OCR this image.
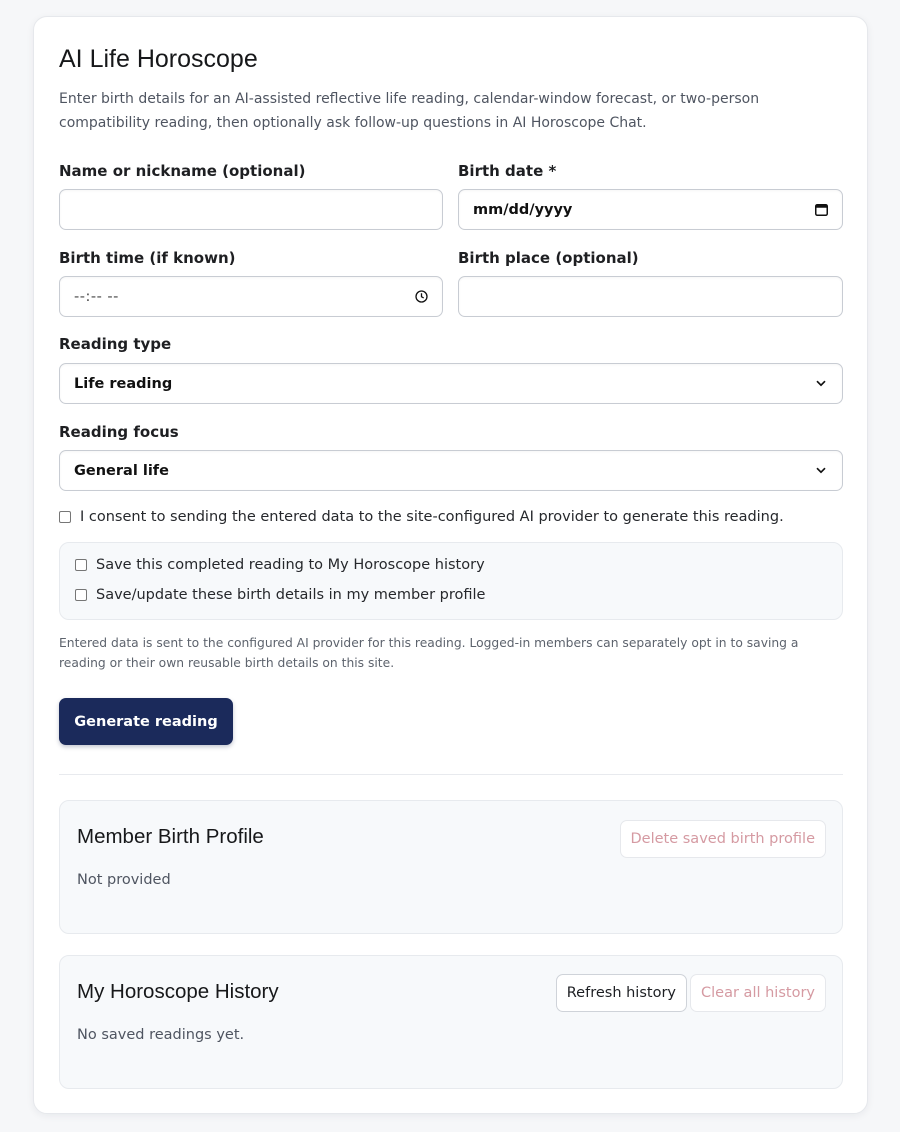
AI Life Horoscope
Enter birth details for an AI-assisted reflective life reading, calendar-window forecast, or two-person compatibility reading, then optionally ask follow-up questions in AI Horoscope Chat.
Name or nickname (optional)	Birth date *
mm/dd/yyyy
Birth time (if known)
--:-- --
Birth place (optional)
Reading type
Life reading
Reading focus
General life
I consent to sending the entered data to the site-configured AI provider to generate this reading.
Save this completed reading to My Horoscope history
Save/update these birth details in my member profile
Entered data is sent to the configured AI provider for this reading. Logged-in members can separately opt in to saving a reading or their own reusable birth details on this site.
Generate reading
Member Birth Profile
Not provided
Delete saved birth profile
My Horoscope History
No saved readings yet.
Refresh history	Clear all history
